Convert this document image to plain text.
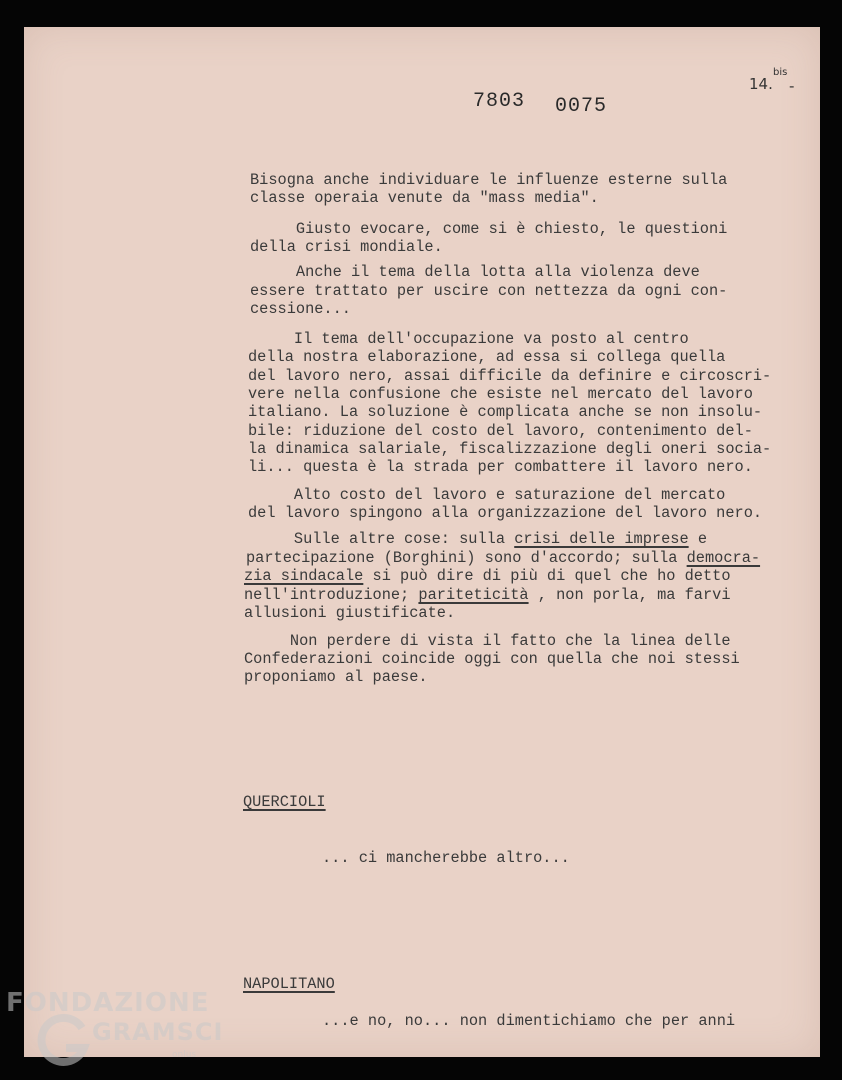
7803 0075
14.
bis
-
Bisogna anche individuare le influenze esterne sulla
classe operaia venute da "mass media".
Giusto evocare, come si è chiesto, le questioni
della crisi mondiale.
Anche il tema della lotta alla violenza deve
essere trattato per uscire con nettezza da ogni con-
cessione...
Il tema dell'occupazione va posto al centro
della nostra elaborazione, ad essa si collega quella
del lavoro nero, assai difficile da definire e circoscri-
vere nella confusione che esiste nel mercato del lavoro
italiano. La soluzione è complicata anche se non insolu-
bile: riduzione del costo del lavoro, contenimento del-
la dinamica salariale, fiscalizzazione degli oneri socia-
li... questa è la strada per combattere il lavoro nero.
Alto costo del lavoro e saturazione del mercato
del lavoro spingono alla organizzazione del lavoro nero.
Sulle altre cose: sulla crisi delle imprese e
partecipazione (Borghini) sono d'accordo; sulla democra-
zia sindacale si può dire di più di quel che ho detto
nell'introduzione; pariteticità , non porla, ma farvi
allusioni giustificate.
Non perdere di vista il fatto che la linea delle
Confederazioni coincide oggi con quella che noi stessi
proponiamo al paese.
QUERCIOLI
... ci mancherebbe altro...
NAPOLITANO
...e no, no... non dimentichiamo che per anni
FONDAZIONE
GRAMSCI
onlus
